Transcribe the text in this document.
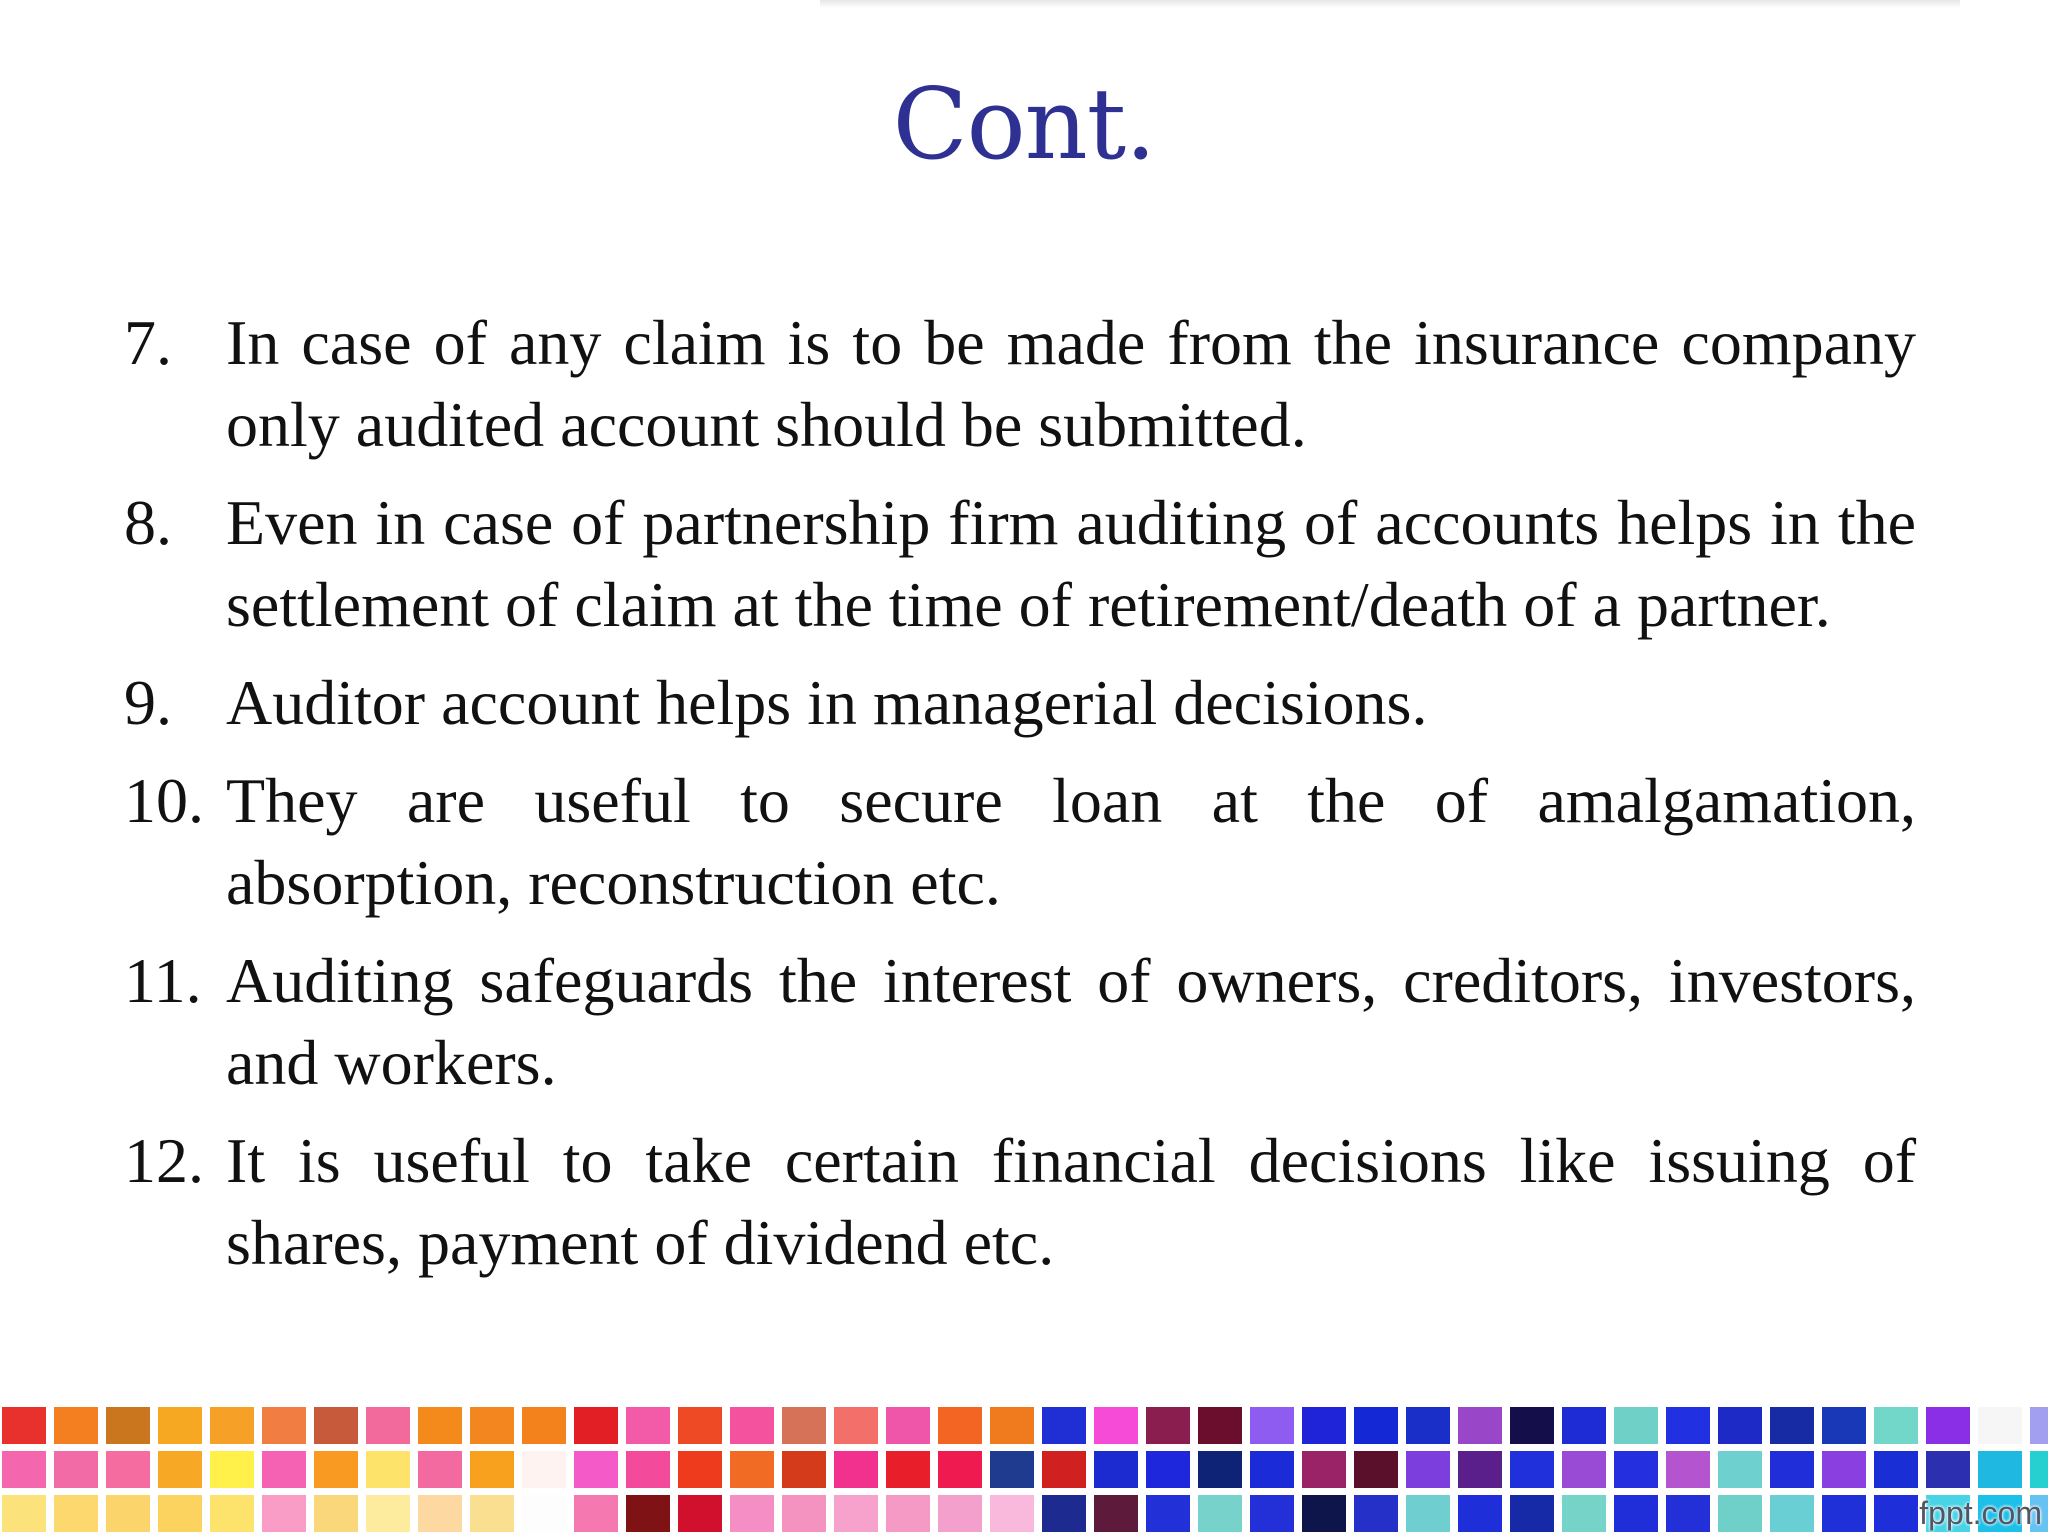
Cont.
7. In case of any claim is to be made from the insurance company only audited account should be submitted.
8. Even in case of partnership firm auditing of accounts helps in the settlement of claim at the time of retirement/death of a partner.
9. Auditor account helps in managerial decisions.
10. They are useful to secure loan at the of amalgamation, absorption, reconstruction etc.
11. Auditing safeguards the interest of owners, creditors, investors, and workers.
12. It is useful to take certain financial decisions like issuing of shares, payment of dividend etc.
fppt.com
